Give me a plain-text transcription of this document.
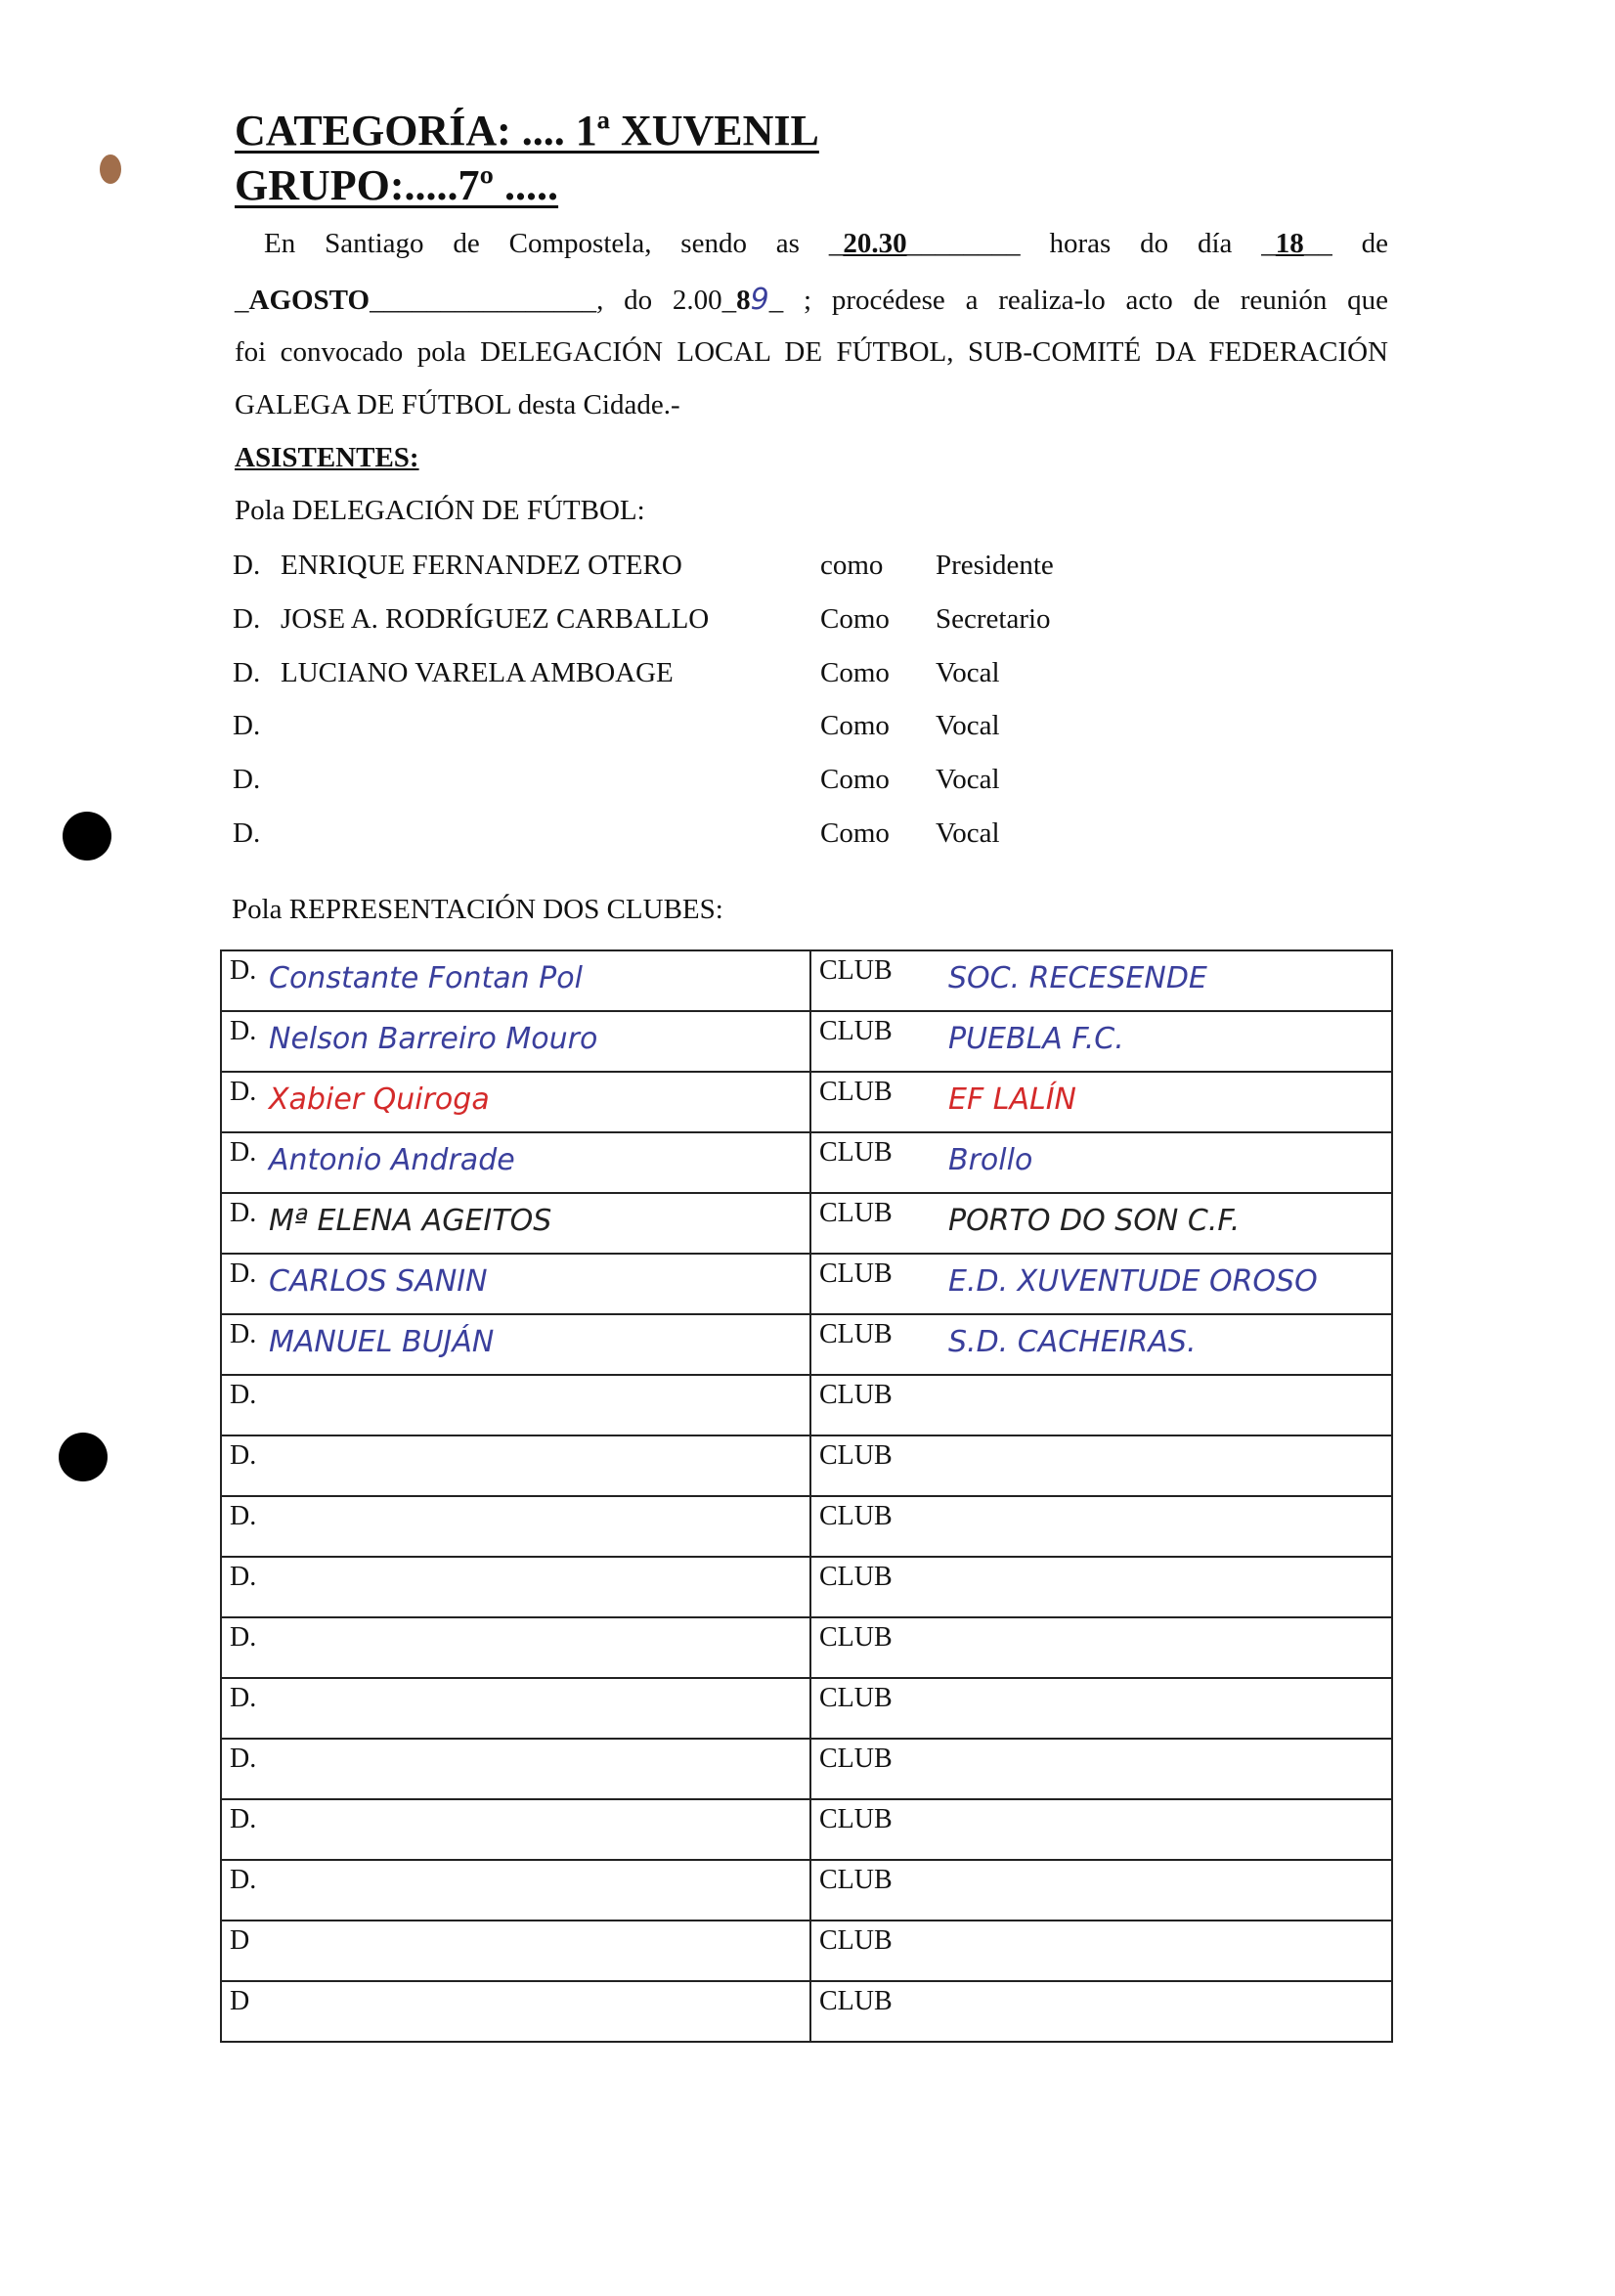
CATEGORÍA: .... 1ª XUVENIL
GRUPO:.....7º .....
En Santiago de Compostela, sendo as _20.30________ horas do día _18__ de
_AGOSTO________________, do 2.00_89_ ; procédese a realiza-lo acto de reunión que
foi convocado pola DELEGACIÓN LOCAL DE FÚTBOL, SUB-COMITÉ DA FEDERACIÓN
GALEGA DE FÚTBOL desta Cidade.-
ASISTENTES:
Pola DELEGACIÓN DE FÚTBOL:
D. ENRIQUE FERNANDEZ OTERO	como Presidente
D. JOSE A. RODRÍGUEZ CARBALLO	Como Secretario
D. LUCIANO VARELA AMBOAGE	Como Vocal
D.	Como Vocal
D.	Como Vocal
D.	Como Vocal
Pola REPRESENTACIÓN DOS CLUBES:
D. Constante Fontan Pol	CLUB SOC. RECESENDE

D. Nelson Barreiro Mouro	CLUB PUEBLA F.C.

D. Xabier Quiroga	CLUB EF LALÍN

D. Antonio Andrade	CLUB Brollo

D. Mª ELENA AGEITOS	CLUB PORTO DO SON C.F.

D. CARLOS SANIN	CLUB E.D. XUVENTUDE OROSO

D. MANUEL BUJÁN	CLUB S.D. CACHEIRAS.

D.	CLUB

D.	CLUB

D.	CLUB

D.	CLUB

D.	CLUB

D.	CLUB

D.	CLUB

D.	CLUB

D.	CLUB

D	CLUB

D	CLUB
